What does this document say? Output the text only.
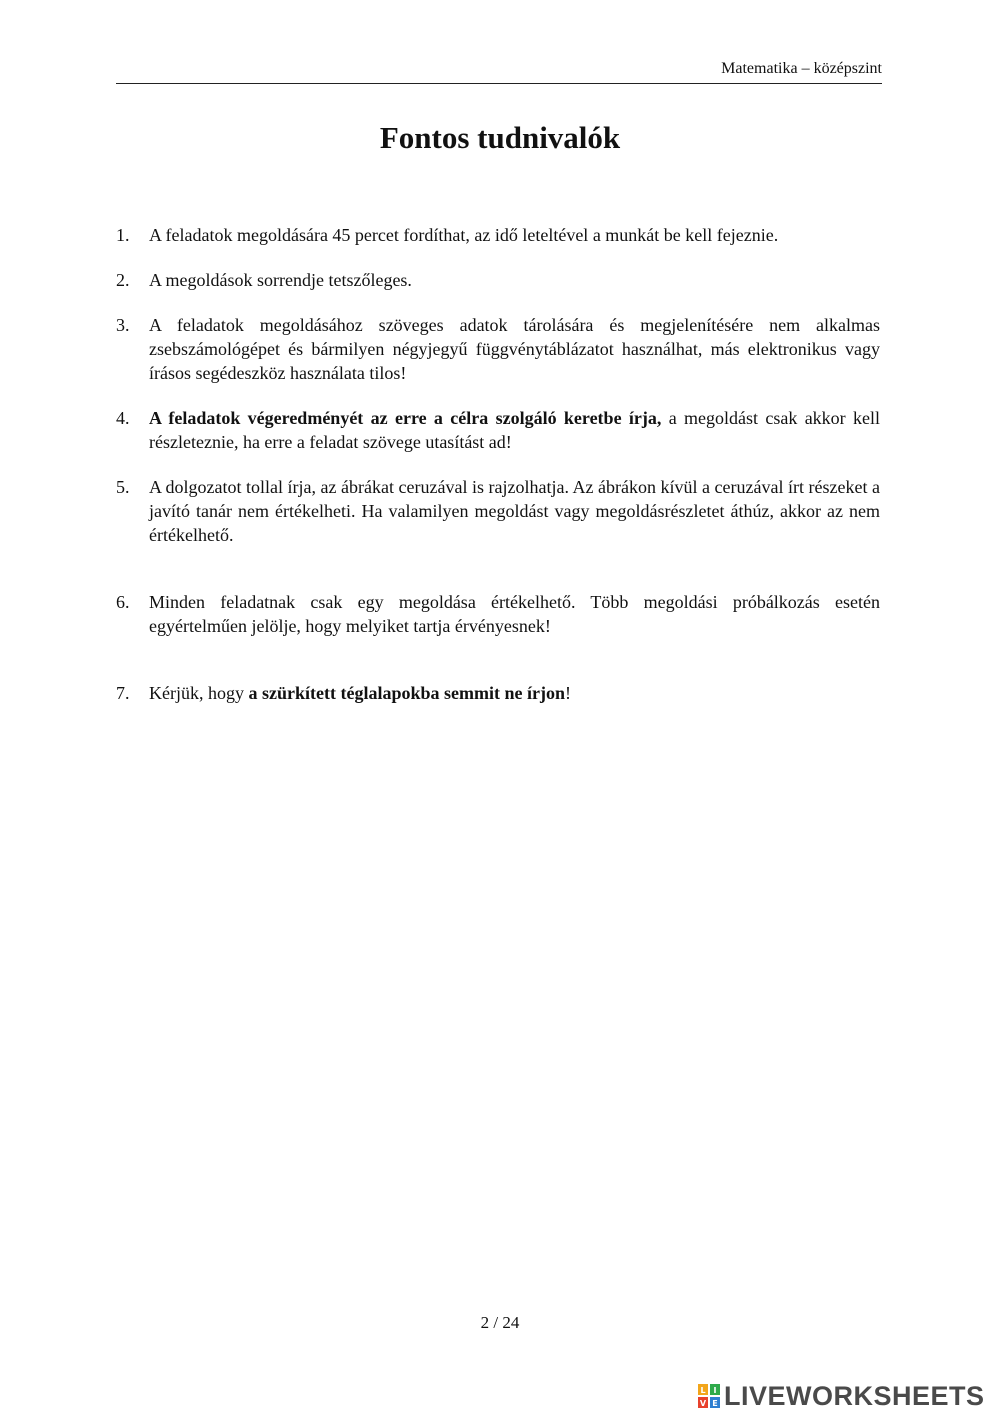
Matematika – középszint
Fontos tudnivalók
1.	A feladatok megoldására 45 percet fordíthat, az idő leteltével a munkát be kell fejeznie.
2.	A megoldások sorrendje tetszőleges.
3.	A feladatok megoldásához szöveges adatok tárolására és megjelenítésére nem alkalmas zsebszámológépet és bármilyen négyjegyű függvénytáblázatot használhat, más elektronikus vagy írásos segédeszköz használata tilos!
4.	A feladatok végeredményét az erre a célra szolgáló keretbe írja, a megoldást csak akkor kell részleteznie, ha erre a feladat szövege utasítást ad!
5.	A dolgozatot tollal írja, az ábrákat ceruzával is rajzolhatja. Az ábrákon kívül a ceruzával írt részeket a javító tanár nem értékelheti. Ha valamilyen megoldást vagy megoldásrészletet áthúz, akkor az nem értékelhető.
6.	Minden feladatnak csak egy megoldása értékelhető. Több megoldási próbálkozás esetén egyértelműen jelölje, hogy melyiket tartja érvényesnek!
7.	Kérjük, hogy a szürkített téglalapokba semmit ne írjon!
2 / 24
L I
V E LIVEWORKSHEETS
